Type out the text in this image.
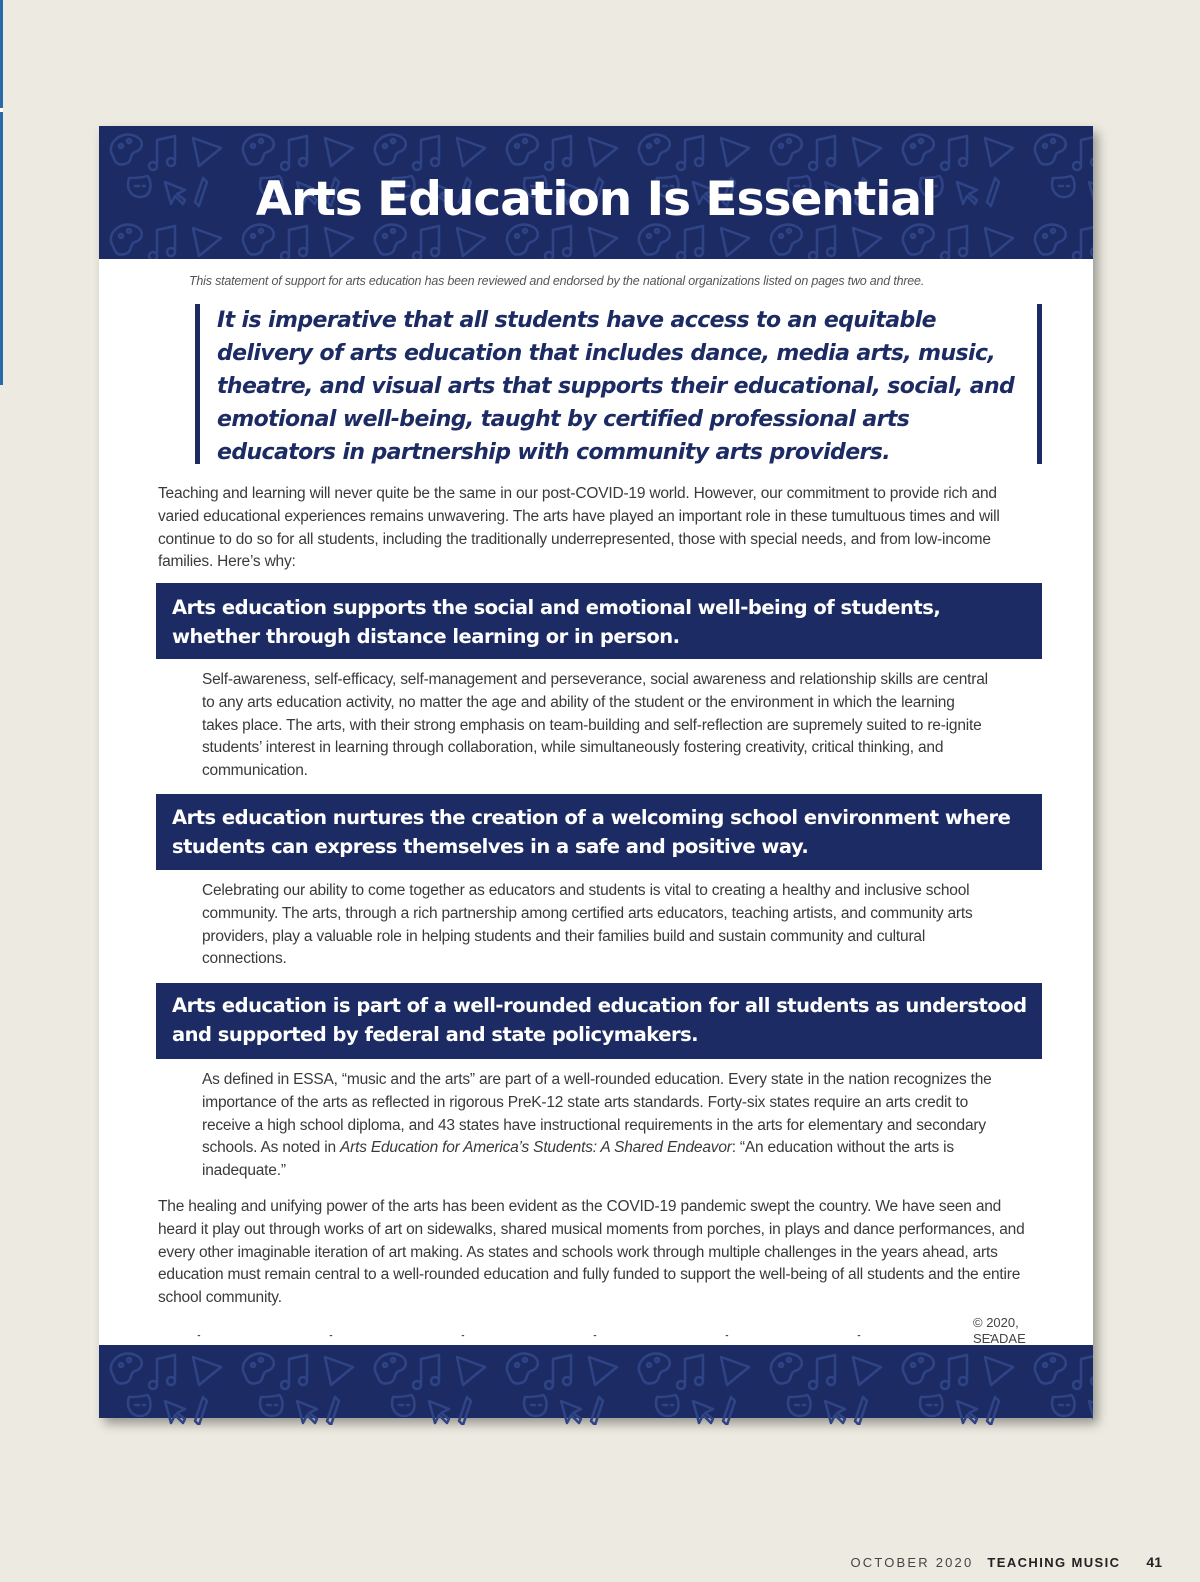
Arts Education Is Essential
This statement of support for arts education has been reviewed and endorsed by the national organizations listed on pages two and three.

It is imperative that all students have access to an equitable delivery of arts education that includes dance, media arts, music, theatre, and visual arts that supports their educational, social, and emotional well-being, taught by certified professional arts educators in partnership with community arts providers.

Teaching and learning will never quite be the same in our post-COVID-19 world. However, our commitment to provide rich and varied educational experiences remains unwavering. The arts have played an important role in these tumultuous times and will continue to do so for all students, including the traditionally underrepresented, those with special needs, and from low-income families. Here’s why:

Arts education supports the social and emotional well-being of students, whether through distance learning or in person.

Self-awareness, self-efficacy, self-management and perseverance, social awareness and relationship skills are central to any arts education activity, no matter the age and ability of the student or the environment in which the learning takes place. The arts, with their strong emphasis on team-building and self-reflection are supremely suited to re-ignite students’ interest in learning through collaboration, while simultaneously fostering creativity, critical thinking, and communication.

Arts education nurtures the creation of a welcoming school environment where students can express themselves in a safe and positive way.

Celebrating our ability to come together as educators and students is vital to creating a healthy and inclusive school community. The arts, through a rich partnership among certified arts educators, teaching artists, and community arts providers, play a valuable role in helping students and their families build and sustain community and cultural connections.

Arts education is part of a well-rounded education for all students as understood and supported by federal and state policymakers.

As defined in ESSA, “music and the arts” are part of a well-rounded education. Every state in the nation recognizes the importance of the arts as reflected in rigorous PreK-12 state arts standards. Forty-six states require an arts credit to receive a high school diploma, and 43 states have instructional requirements in the arts for elementary and secondary schools. As noted in Arts Education for America’s Students: A Shared Endeavor: “An education without the arts is inadequate.”

The healing and unifying power of the arts has been evident as the COVID-19 pandemic swept the country. We have seen and heard it play out through works of art on sidewalks, shared musical moments from porches, in plays and dance performances, and every other imaginable iteration of art making. As states and schools work through multiple challenges in the years ahead, arts education must remain central to a well-rounded education and fully funded to support the well-being of all students and the entire school community.

© 2020,
OCTOBER 2020 TEACHING MUSIC 41
